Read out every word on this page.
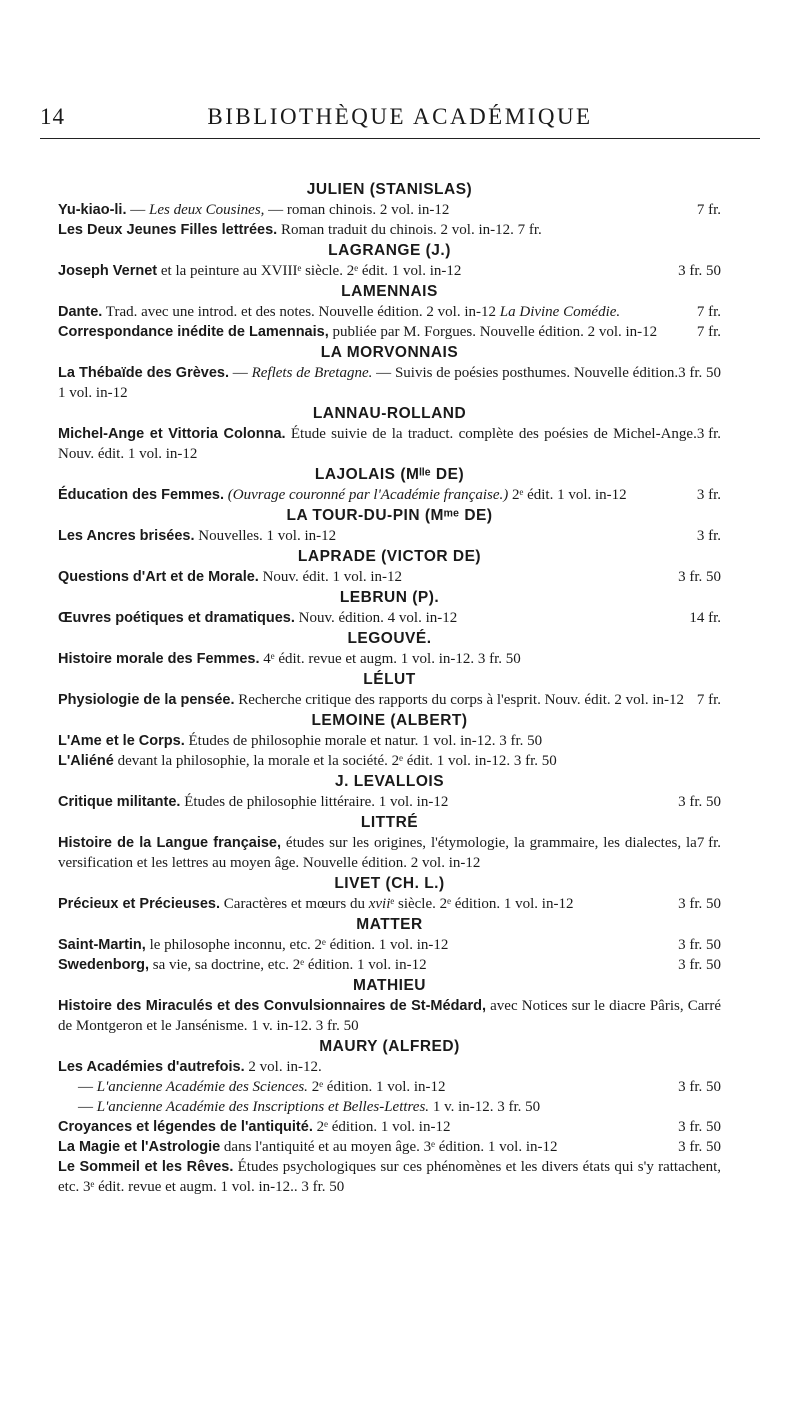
14	BIBLIOTHÈQUE ACADÉMIQUE
JULIEN (STANISLAS)
7 fr.
Yu-kiao-li. — Les deux Cousines, — roman chinois. 2 vol. in-12
Les Deux Jeunes Filles lettrées. Roman traduit du chinois. 2 vol. in-12. 7 fr.
LAGRANGE (J.)
3 fr. 50
Joseph Vernet et la peinture au XVIIIᵉ siècle. 2ᵉ édit. 1 vol. in-12
LAMENNAIS
7 fr.
Dante. Trad. avec une introd. et des notes. Nouvelle édition. 2 vol. in-12 La Divine Comédie.
7 fr.
Correspondance inédite de Lamennais, publiée par M. Forgues. Nouvelle édition. 2 vol. in-12
LA MORVONNAIS
3 fr. 50
La Thébaïde des Grèves. — Reflets de Bretagne. — Suivis de poésies posthumes. Nouvelle édition. 1 vol. in-12
LANNAU-ROLLAND
3 fr.
Michel-Ange et Vittoria Colonna. Étude suivie de la traduct. complète des poésies de Michel-Ange. Nouv. édit. 1 vol. in-12
LAJOLAIS (Mˡˡᵉ DE)
3 fr.
Éducation des Femmes. (Ouvrage couronné par l'Académie française.) 2ᵉ édit. 1 vol. in-12
LA TOUR-DU-PIN (Mᵐᵉ DE)
3 fr.
Les Ancres brisées. Nouvelles. 1 vol. in-12
LAPRADE (VICTOR DE)
3 fr. 50
Questions d'Art et de Morale. Nouv. édit. 1 vol. in-12
LEBRUN (P).
14 fr.
Œuvres poétiques et dramatiques. Nouv. édition. 4 vol. in-12
LEGOUVÉ.
Histoire morale des Femmes. 4ᵉ édit. revue et augm. 1 vol. in-12. 3 fr. 50
LÉLUT
7 fr.
Physiologie de la pensée. Recherche critique des rapports du corps à l'esprit. Nouv. édit. 2 vol. in-12
LEMOINE (ALBERT)
L'Ame et le Corps. Études de philosophie morale et natur. 1 vol. in-12. 3 fr. 50
L'Aliéné devant la philosophie, la morale et la société. 2ᵉ édit. 1 vol. in-12. 3 fr. 50
J. LEVALLOIS
3 fr. 50
Critique militante. Études de philosophie littéraire. 1 vol. in-12
LITTRÉ
7 fr.
Histoire de la Langue française, études sur les origines, l'étymologie, la grammaire, les dialectes, la versification et les lettres au moyen âge. Nouvelle édition. 2 vol. in-12
LIVET (CH. L.)
3 fr. 50
Précieux et Précieuses. Caractères et mœurs du xviiᵉ siècle. 2ᵉ édition. 1 vol. in-12
MATTER
3 fr. 50
Saint-Martin, le philosophe inconnu, etc. 2ᵉ édition. 1 vol. in-12
3 fr. 50
Swedenborg, sa vie, sa doctrine, etc. 2ᵉ édition. 1 vol. in-12
MATHIEU
Histoire des Miraculés et des Convulsionnaires de St-Médard, avec Notices sur le diacre Pâris, Carré de Montgeron et le Jansénisme. 1 v. in-12. 3 fr. 50
MAURY (ALFRED)
Les Académies d'autrefois. 2 vol. in-12.
3 fr. 50
— L'ancienne Académie des Sciences. 2ᵉ édition. 1 vol. in-12
— L'ancienne Académie des Inscriptions et Belles-Lettres. 1 v. in-12. 3 fr. 50
3 fr. 50
Croyances et légendes de l'antiquité. 2ᵉ édition. 1 vol. in-12
3 fr. 50
La Magie et l'Astrologie dans l'antiquité et au moyen âge. 3ᵉ édition. 1 vol. in-12
Le Sommeil et les Rêves. Études psychologiques sur ces phénomènes et les divers états qui s'y rattachent, etc. 3ᵉ édit. revue et augm. 1 vol. in-12.. 3 fr. 50
